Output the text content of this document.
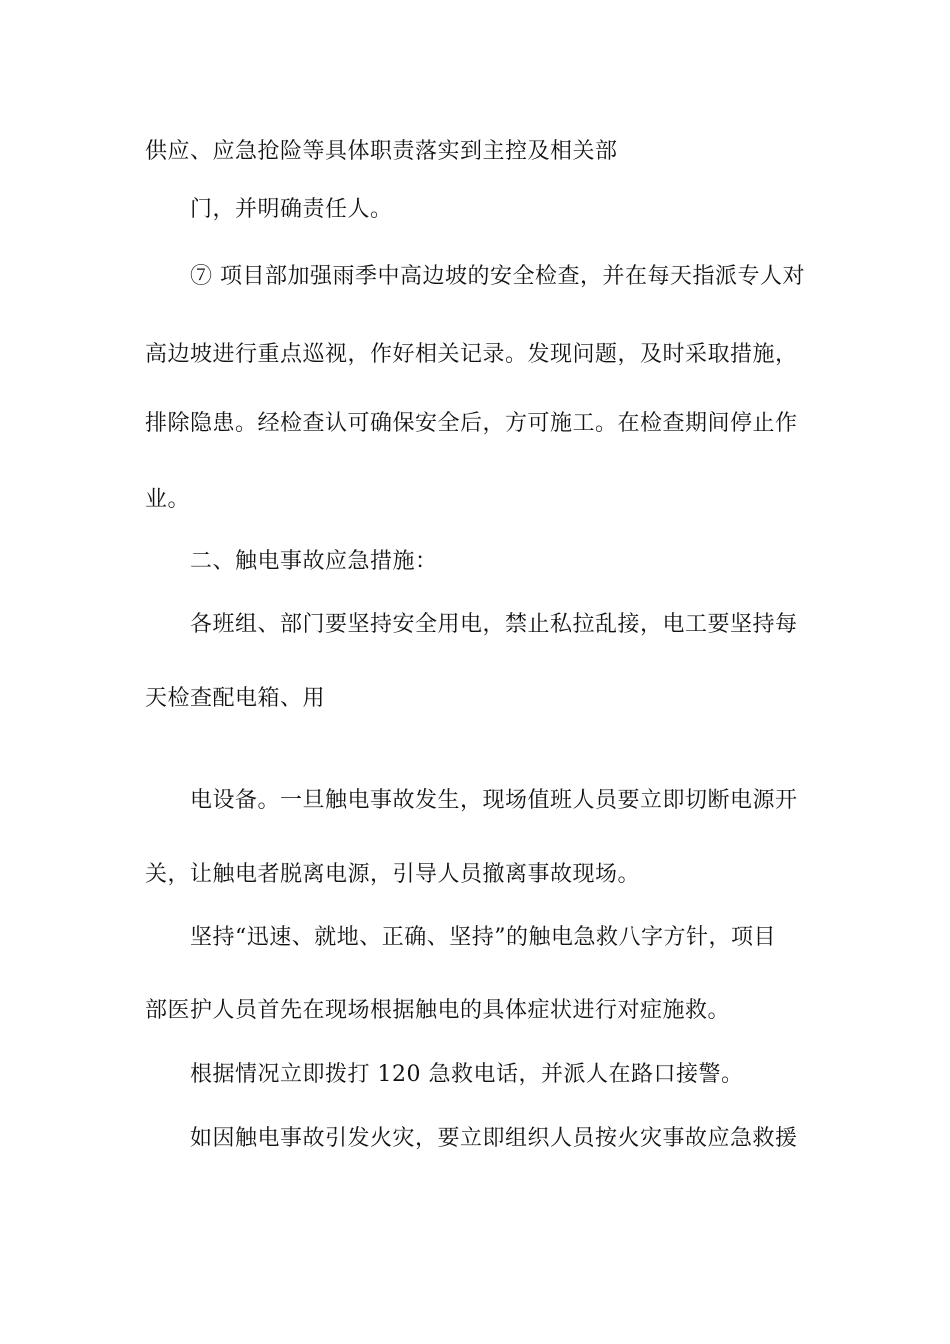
供应、应急抢险等具体职责落实到主控及相关部
门，并明确责任人。
⑦ 项目部加强雨季中高边坡的安全检查，并在每天指派专人对
高边坡进行重点巡视，作好相关记录。发现问题，及时采取措施，
排除隐患。经检查认可确保安全后，方可施工。在检查期间停止作
业。
二、触电事故应急措施：
各班组、部门要坚持安全用电，禁止私拉乱接，电工要坚持每
天检查配电箱、用
电设备。一旦触电事故发生，现场值班人员要立即切断电源开
关，让触电者脱离电源，引导人员撤离事故现场。
坚持“迅速、就地、正确、坚持”的触电急救八字方针，项目
部医护人员首先在现场根据触电的具体症状进行对症施救。
根据情况立即拨打 120 急救电话，并派人在路口接警。
如因触电事故引发火灾，要立即组织人员按火灾事故应急救援
